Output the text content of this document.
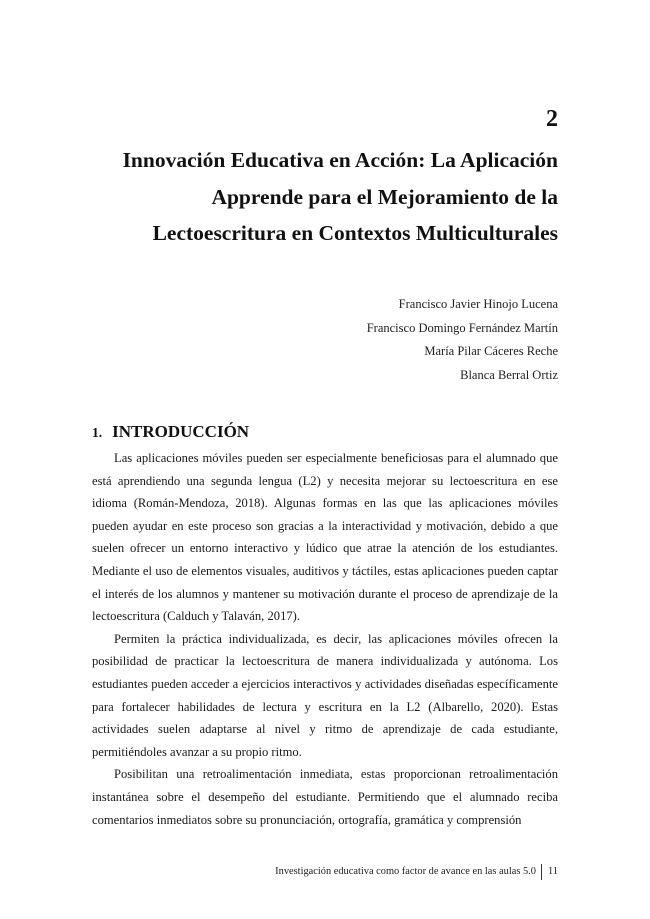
2
Innovación Educativa en Acción: La Aplicación
Apprende para el Mejoramiento de la
Lectoescritura en Contextos Multiculturales
Francisco Javier Hinojo Lucena
Francisco Domingo Fernández Martín
María Pilar Cáceres Reche
Blanca Berral Ortiz
1. INTRODUCCIÓN

Las aplicaciones móviles pueden ser especialmente beneficiosas para el alumnado que está aprendiendo una segunda lengua (L2) y necesita mejorar su lectoescritura en ese idioma (Román-Mendoza, 2018). Algunas formas en las que las aplicaciones móviles pueden ayudar en este proceso son gracias a la interactividad y motivación, debido a que suelen ofrecer un entorno interactivo y lúdico que atrae la atención de los estudiantes. Mediante el uso de elementos visuales, auditivos y táctiles, estas aplicaciones pueden captar el interés de los alumnos y mantener su motivación durante el proceso de aprendizaje de la lectoescritura (Calduch y Talaván, 2017).

Permiten la práctica individualizada, es decir, las aplicaciones móviles ofrecen la posibilidad de practicar la lectoescritura de manera individualizada y autónoma. Los estudiantes pueden acceder a ejercicios interactivos y actividades diseñadas específicamente para fortalecer habilidades de lectura y escritura en la L2 (Albarello, 2020). Estas actividades suelen adaptarse al nivel y ritmo de aprendizaje de cada estudiante, permitiéndoles avanzar a su propio ritmo.

Posibilitan una retroalimentación inmediata, estas proporcionan retroalimentación instantánea sobre el desempeño del estudiante. Permitiendo que el alumnado reciba comentarios inmediatos sobre su pronunciación, ortografía, gramática y comprensión

Investigación educativa como factor de avance en las aulas 5.0 11
